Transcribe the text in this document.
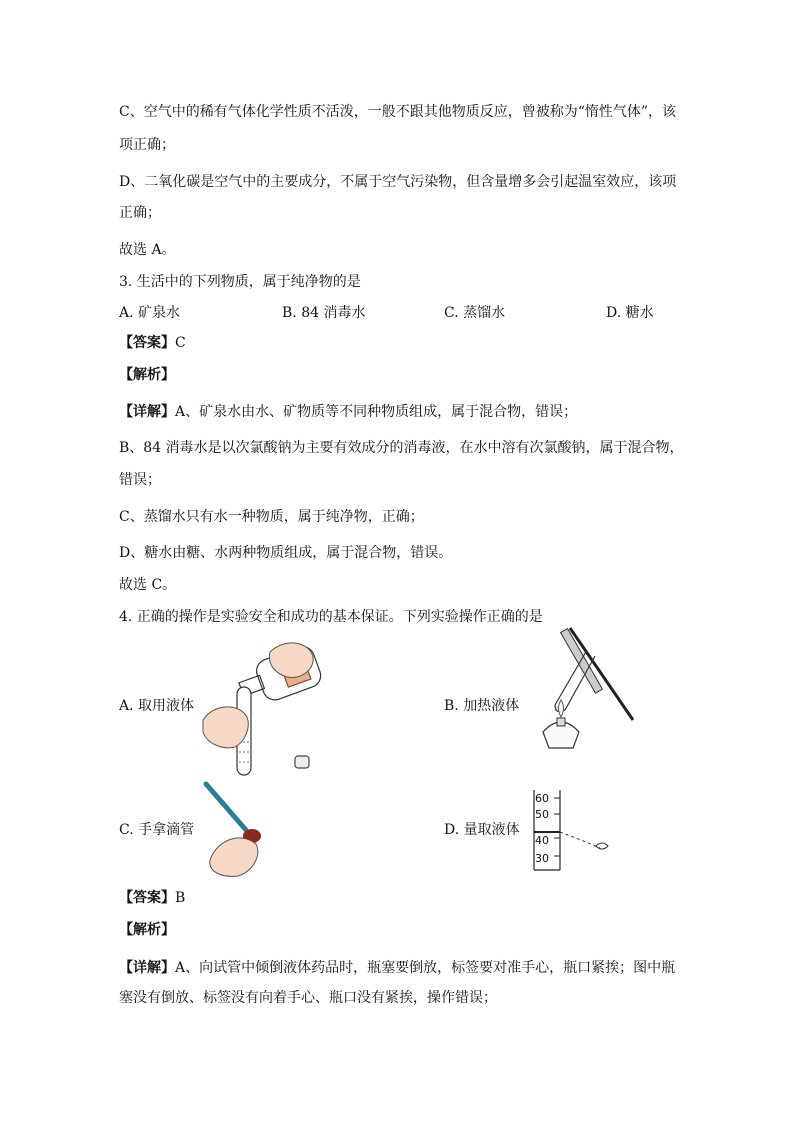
C、空气中的稀有气体化学性质不活泼，一般不跟其他物质反应，曾被称为“惰性气体”，该
项正确；
D、二氧化碳是空气中的主要成分，不属于空气污染物，但含量增多会引起温室效应，该项
正确；
故选 A。
3. 生活中的下列物质，属于纯净物的是
A. 矿泉水	B. 84 消毒水	C. 蒸馏水	D. 糖水
【答案】C
【解析】
【详解】A、矿泉水由水、矿物质等不同种物质组成，属于混合物，错误；
B、84 消毒水是以次氯酸钠为主要有效成分的消毒液，在水中溶有次氯酸钠，属于混合物，
错误；
C、蒸馏水只有水一种物质，属于纯净物，正确；
D、糖水由糖、水两种物质组成，属于混合物，错误。
故选 C。
4. 正确的操作是实验安全和成功的基本保证。下列实验操作正确的是
A. 取用液体	B. 加热液体
C. 手拿滴管	D. 量取液体
60
50
40
30
【答案】B
【解析】
【详解】A、向试管中倾倒液体药品时，瓶塞要倒放，标签要对准手心，瓶口紧挨；图中瓶
塞没有倒放、标签没有向着手心、瓶口没有紧挨，操作错误；
